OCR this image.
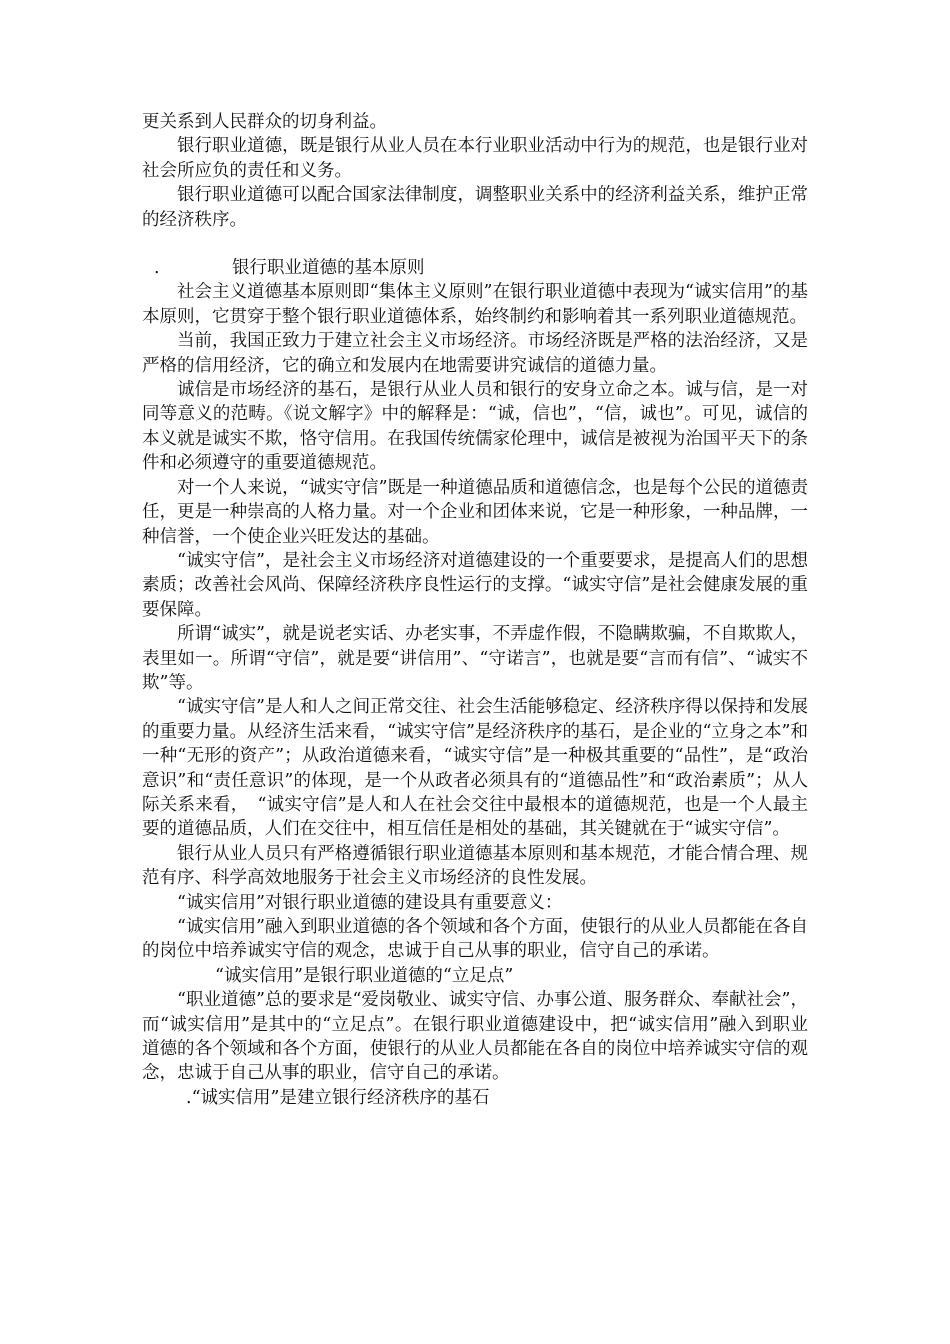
更关系到人民群众的切身利益。

银行职业道德，既是银行从业人员在本行业职业活动中行为的规范，也是银行业对社会所应负的责任和义务。

银行职业道德可以配合国家法律制度，调整职业关系中的经济利益关系，维护正常的经济秩序。

.	银行职业道德的基本原则

社会主义道德基本原则即“集体主义原则”在银行职业道德中表现为“诚实信用”的基本原则，它贯穿于整个银行职业道德体系，始终制约和影响着其一系列职业道德规范。

当前，我国正致力于建立社会主义市场经济。市场经济既是严格的法治经济，又是严格的信用经济，它的确立和发展内在地需要讲究诚信的道德力量。

诚信是市场经济的基石，是银行从业人员和银行的安身立命之本。诚与信，是一对同等意义的范畴。《说文解字》中的解释是：“诚，信也”，“信，诚也”。可见，诚信的本义就是诚实不欺，恪守信用。在我国传统儒家伦理中，诚信是被视为治国平天下的条件和必须遵守的重要道德规范。

对一个人来说，“诚实守信”既是一种道德品质和道德信念，也是每个公民的道德责任，更是一种崇高的人格力量。对一个企业和团体来说，它是一种形象，一种品牌，一种信誉，一个使企业兴旺发达的基础。

“诚实守信”，是社会主义市场经济对道德建设的一个重要要求，是提高人们的思想素质；改善社会风尚、保障经济秩序良性运行的支撑。“诚实守信”是社会健康发展的重要保障。

所谓“诚实”，就是说老实话、办老实事，不弄虚作假，不隐瞒欺骗，不自欺欺人，表里如一。所谓“守信”，就是要“讲信用”、“守诺言”，也就是要“言而有信”、“诚实不欺”等。

“诚实守信”是人和人之间正常交往、社会生活能够稳定、经济秩序得以保持和发展的重要力量。从经济生活来看，“诚实守信”是经济秩序的基石，是企业的“立身之本”和一种“无形的资产”；从政治道德来看，“诚实守信”是一种极其重要的“品性”，是“政治意识”和“责任意识”的体现，是一个从政者必须具有的“道德品性”和“政治素质”；从人际关系来看，　“诚实守信”是人和人在社会交往中最根本的道德规范，也是一个人最主要的道德品质，人们在交往中，相互信任是相处的基础，其关键就在于“诚实守信”。

银行从业人员只有严格遵循银行职业道德基本原则和基本规范，才能合情合理、规范有序、科学高效地服务于社会主义市场经济的良性发展。

“诚实信用”对银行职业道德的建设具有重要意义：

“诚实信用”融入到职业道德的各个领域和各个方面，使银行的从业人员都能在各自的岗位中培养诚实守信的观念，忠诚于自己从事的职业，信守自己的承诺。

“诚实信用”是银行职业道德的“立足点”

“职业道德”总的要求是“爱岗敬业、诚实守信、办事公道、服务群众、奉献社会”，而“诚实信用”是其中的“立足点”。在银行职业道德建设中，把“诚实信用”融入到职业道德的各个领域和各个方面，使银行的从业人员都能在各自的岗位中培养诚实守信的观念，忠诚于自己从事的职业，信守自己的承诺。

.“诚实信用”是建立银行经济秩序的基石
